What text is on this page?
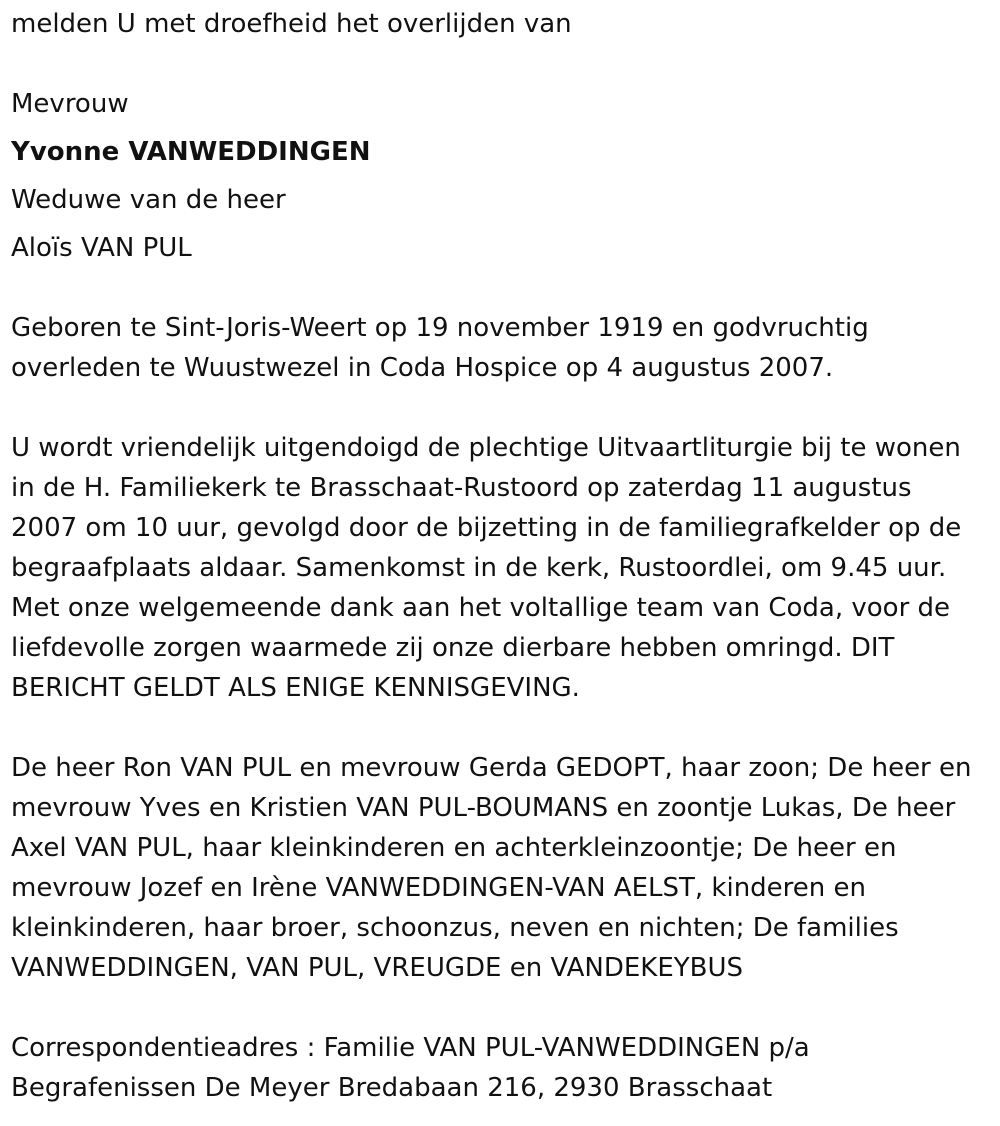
melden U met droefheid het overlijden van

Mevrouw

Yvonne VANWEDDINGEN

Weduwe van de heer

Aloïs VAN PUL

Geboren te Sint-Joris-Weert op 19 november 1919 en godvruchtig

overleden te Wuustwezel in Coda Hospice op 4 augustus 2007.

U wordt vriendelijk uitgendoigd de plechtige Uitvaartliturgie bij te wonen

in de H. Familiekerk te Brasschaat-Rustoord op zaterdag 11 augustus

2007 om 10 uur, gevolgd door de bijzetting in de familiegrafkelder op de

begraafplaats aldaar. Samenkomst in de kerk, Rustoordlei, om 9.45 uur.

Met onze welgemeende dank aan het voltallige team van Coda, voor de

liefdevolle zorgen waarmede zij onze dierbare hebben omringd. DIT

BERICHT GELDT ALS ENIGE KENNISGEVING.

De heer Ron VAN PUL en mevrouw Gerda GEDOPT, haar zoon; De heer en

mevrouw Yves en Kristien VAN PUL-BOUMANS en zoontje Lukas, De heer

Axel VAN PUL, haar kleinkinderen en achterkleinzoontje; De heer en

mevrouw Jozef en Irène VANWEDDINGEN-VAN AELST, kinderen en

kleinkinderen, haar broer, schoonzus, neven en nichten; De families

VANWEDDINGEN, VAN PUL, VREUGDE en VANDEKEYBUS

Correspondentieadres : Familie VAN PUL-VANWEDDINGEN p/a

Begrafenissen De Meyer Bredabaan 216, 2930 Brasschaat
